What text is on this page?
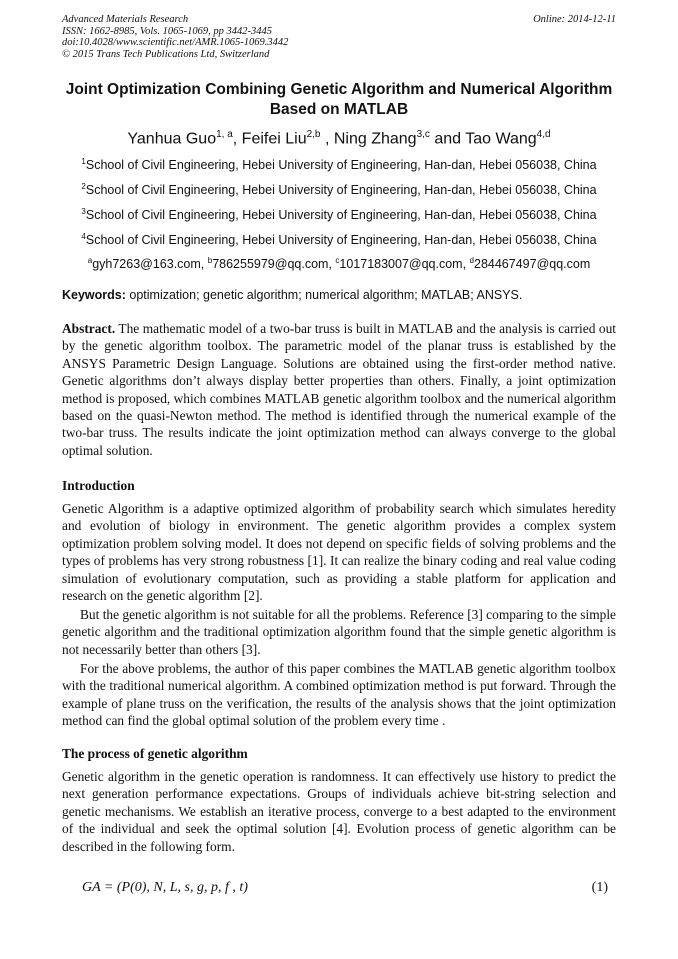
Advanced Materials Research
ISSN: 1662-8985, Vols. 1065-1069, pp 3442-3445
doi:10.4028/www.scientific.net/AMR.1065-1069.3442
© 2015 Trans Tech Publications Ltd, Switzerland
Online: 2014-12-11
Joint Optimization Combining Genetic Algorithm and Numerical Algorithm Based on MATLAB
Yanhua Guo$^{1, a}$, Feifei Liu$^{2,b}$ , Ning Zhang$^{3,c}$ and Tao Wang$^{4,d}$
$^1$School of Civil Engineering, Hebei University of Engineering, Han-dan, Hebei 056038, China
$^2$School of Civil Engineering, Hebei University of Engineering, Han-dan, Hebei 056038, China
$^3$School of Civil Engineering, Hebei University of Engineering, Han-dan, Hebei 056038, China
$^4$School of Civil Engineering, Hebei University of Engineering, Han-dan, Hebei 056038, China
$^a$gyh7263@163.com, $^b$786255979@qq.com, $^c$1017183007@qq.com, $^d$284467497@qq.com
Keywords: optimization; genetic algorithm; numerical algorithm; MATLAB; ANSYS.

Abstract. The mathematic model of a two-bar truss is built in MATLAB and the analysis is carried out by the genetic algorithm toolbox. The parametric model of the planar truss is established by the ANSYS Parametric Design Language. Solutions are obtained using the first-order method native. Genetic algorithms don’t always display better properties than others. Finally, a joint optimization method is proposed, which combines MATLAB genetic algorithm toolbox and the numerical algorithm based on the quasi-Newton method. The method is identified through the numerical example of the two-bar truss. The results indicate the joint optimization method can always converge to the global optimal solution.

Introduction

Genetic Algorithm is a adaptive optimized algorithm of probability search which simulates heredity and evolution of biology in environment. The genetic algorithm provides a complex system optimization problem solving model. It does not depend on specific fields of solving problems and the types of problems has very strong robustness [1]. It can realize the binary coding and real value coding simulation of evolutionary computation, such as providing a stable platform for application and research on the genetic algorithm [2].

But the genetic algorithm is not suitable for all the problems. Reference [3] comparing to the simple genetic algorithm and the traditional optimization algorithm found that the simple genetic algorithm is not necessarily better than others [3].

For the above problems, the author of this paper combines the MATLAB genetic algorithm toolbox with the traditional numerical algorithm. A combined optimization method is put forward. Through the example of plane truss on the verification, the results of the analysis shows that the joint optimization method can find the global optimal solution of the problem every time .

The process of genetic algorithm

Genetic algorithm in the genetic operation is randomness. It can effectively use history to predict the next generation performance expectations. Groups of individuals achieve bit-string selection and genetic mechanisms. We establish an iterative process, converge to a best adapted to the environment of the individual and seek the optimal solution [4]. Evolution process of genetic algorithm can be described in the following form.

GA = (P(0), N, L, s, g, p, f , t)	(1)
